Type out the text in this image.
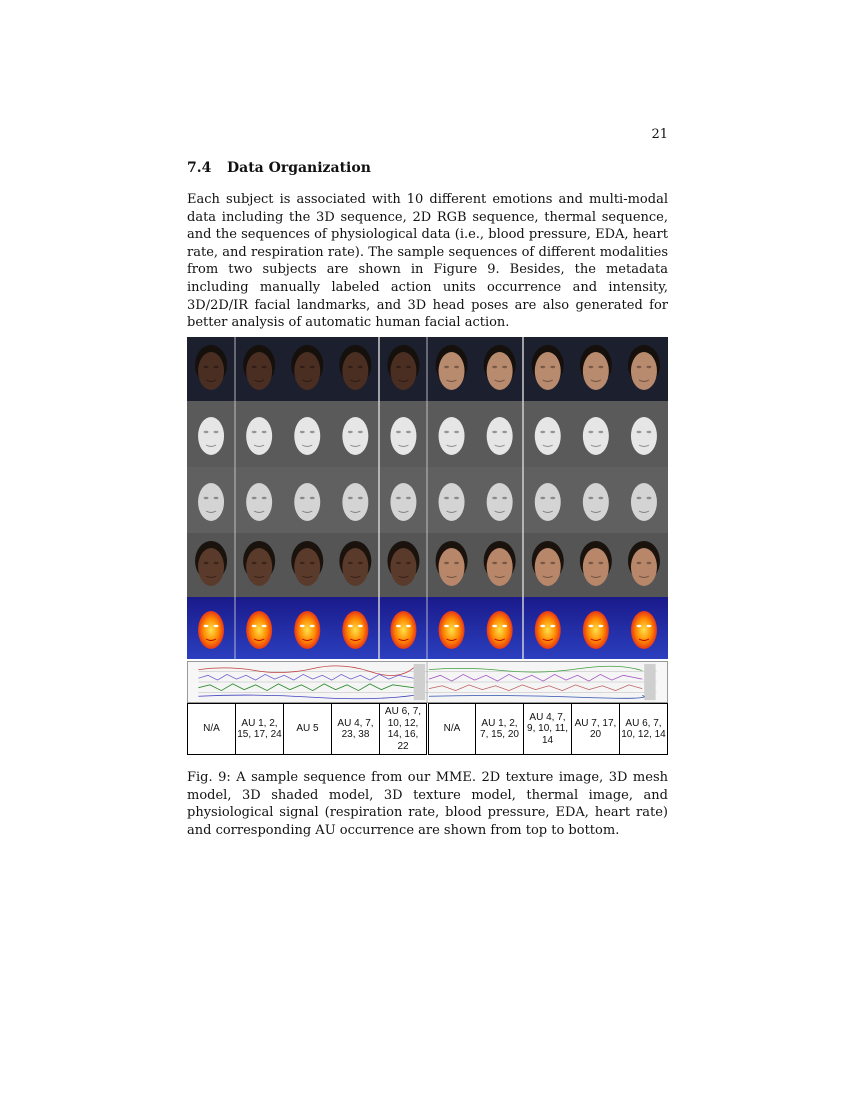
21
7.4 Data Organization

Each subject is associated with 10 different emotions and multi-modal data including the 3D sequence, 2D RGB sequence, thermal sequence, and the sequences of physiological data (i.e., blood pressure, EDA, heart rate, and respiration rate). The sample sequences of different modalities from two subjects are shown in Figure 9. Besides, the metadata including manually labeled action units occurrence and intensity, 3D/2D/IR facial landmarks, and 3D head poses are also generated for better analysis of automatic human facial action.

N/A	AU 1, 2, 15, 17, 24	AU 5	AU 4, 7, 23, 38	AU 6, 7, 10, 12, 14, 16, 22	N/A	AU 1, 2, 7, 15, 20	AU 4, 7, 9, 10, 11, 14	AU 7, 17, 20	AU 6, 7, 10, 12, 14

Fig. 9: A sample sequence from our MME. 2D texture image, 3D mesh model, 3D shaded model, 3D texture model, thermal image, and physiological signal (respiration rate, blood pressure, EDA, heart rate) and corresponding AU occurrence are shown from top to bottom.
